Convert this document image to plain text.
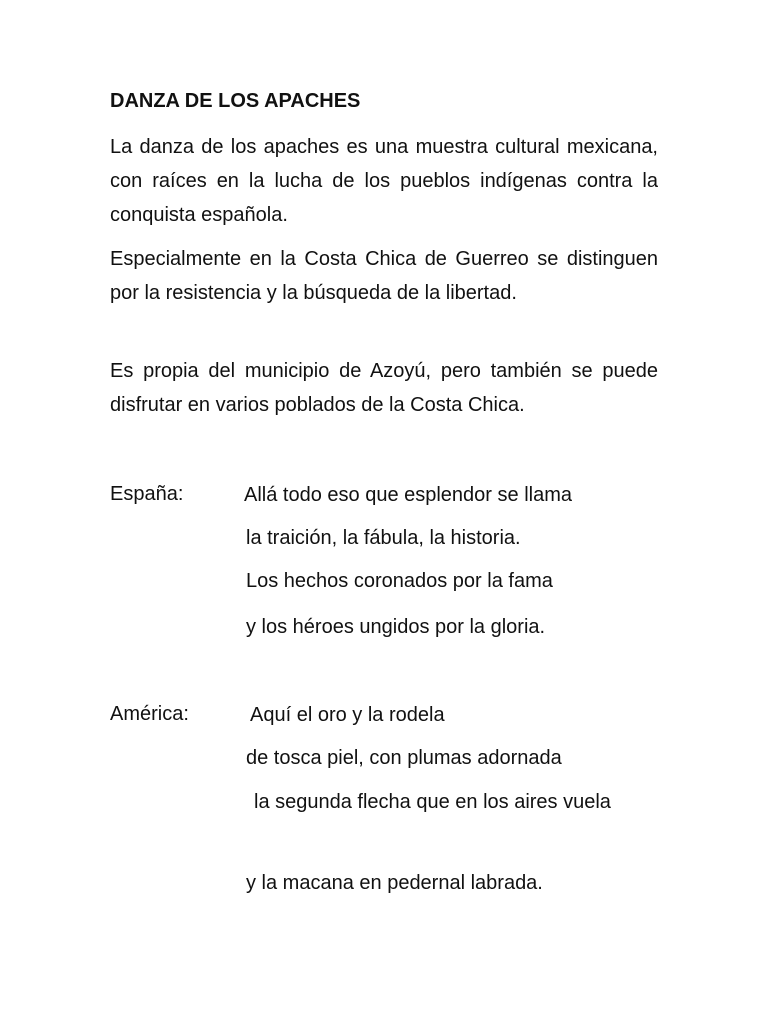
DANZA DE LOS APACHES
La danza de los apaches es una muestra cultural mexicana, con raíces en la lucha de los pueblos indígenas contra la conquista española.
Especialmente en la Costa Chica de Guerreo se distinguen por la resistencia y la búsqueda de la libertad.
Es propia del municipio de Azoyú, pero también se puede disfrutar en varios poblados de la Costa Chica.
España:	Allá todo eso que esplendor se llama
la traición, la fábula, la historia.
Los hechos coronados por la fama
y los héroes ungidos por la gloria.
América:	Aquí el oro y la rodela
de tosca piel, con plumas adornada
la segunda flecha que en los aires vuela
y la macana en pedernal labrada.
